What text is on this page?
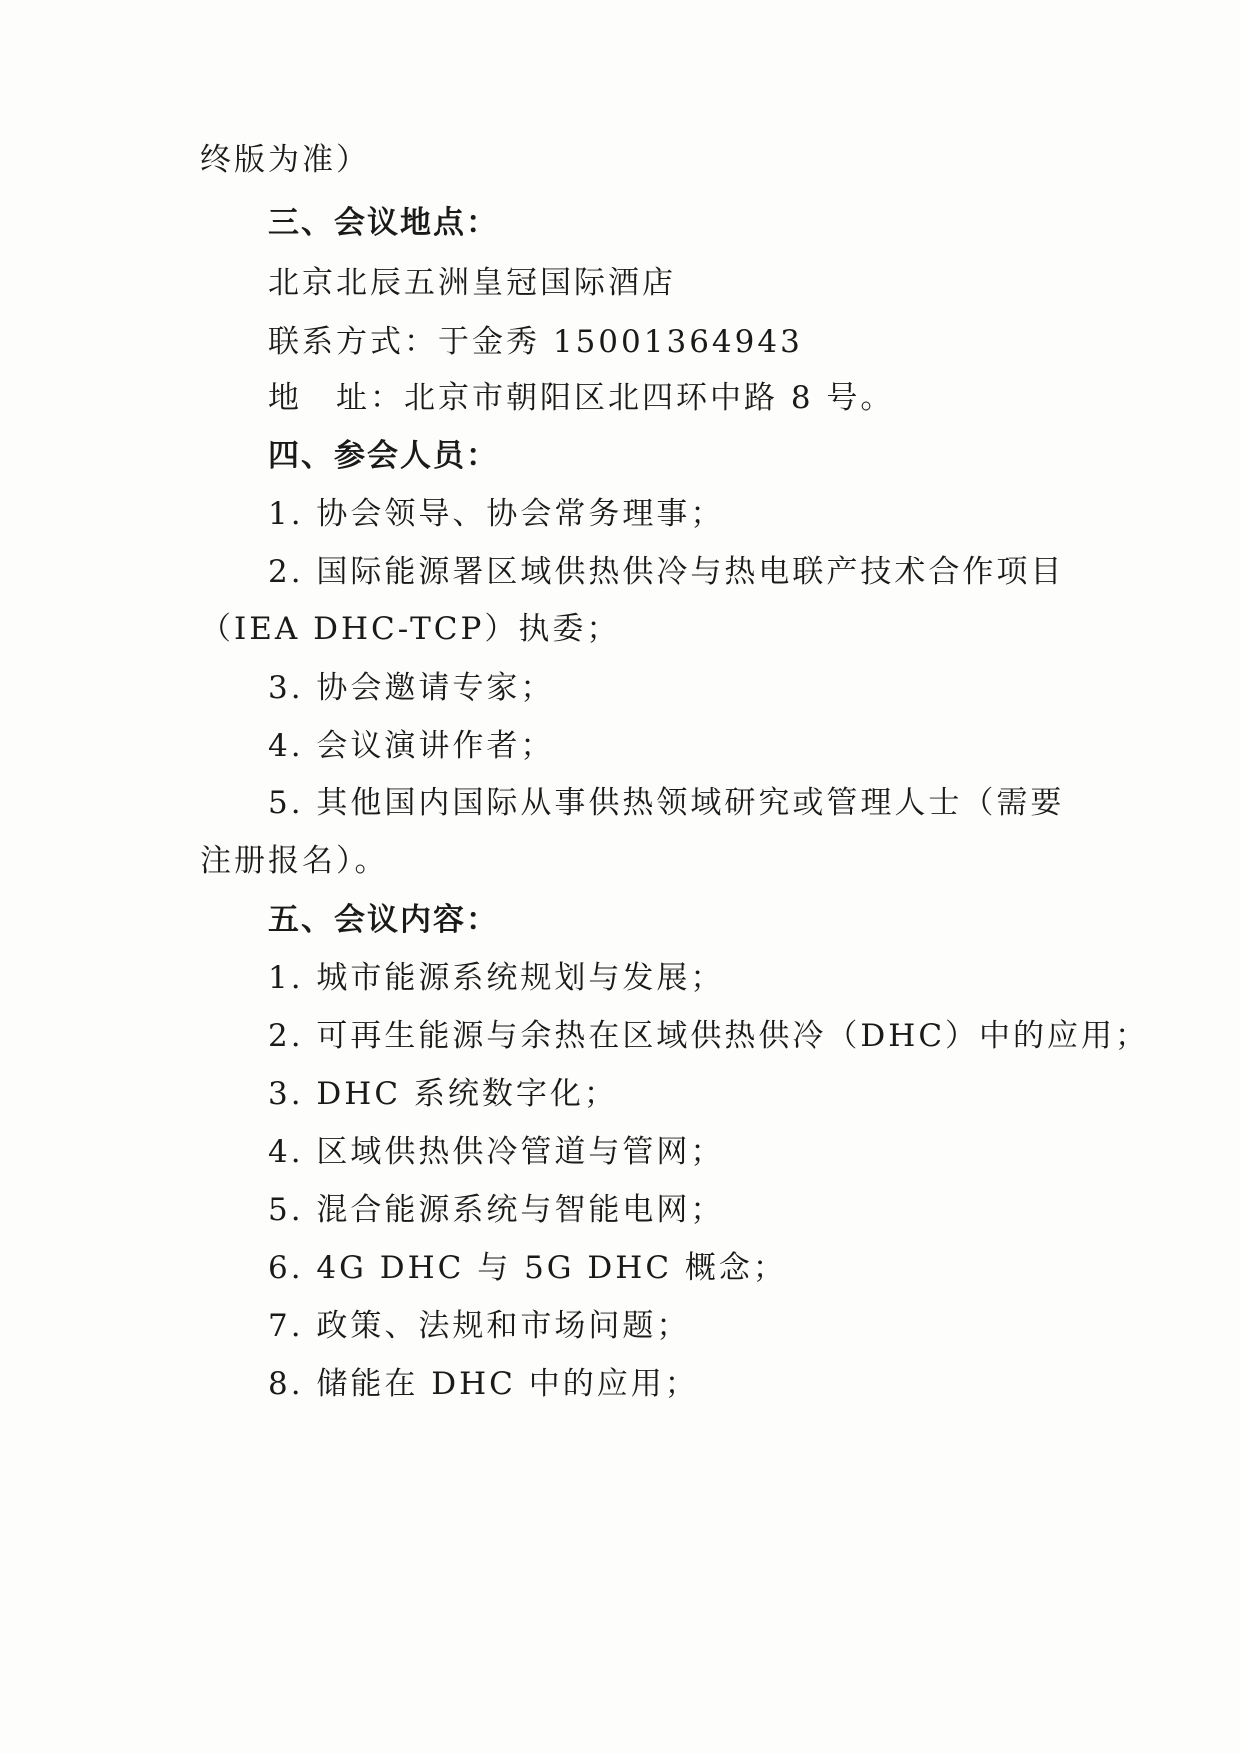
终版为准）
三、会议地点：
北京北辰五洲皇冠国际酒店
联系方式：于金秀 15001364943
地　址：北京市朝阳区北四环中路 8 号。
四、参会人员：
1. 协会领导、协会常务理事；
2. 国际能源署区域供热供冷与热电联产技术合作项目
（IEA DHC-TCP）执委；
3. 协会邀请专家；
4. 会议演讲作者；
5. 其他国内国际从事供热领域研究或管理人士（需要
注册报名）。
五、会议内容：
1. 城市能源系统规划与发展；
2. 可再生能源与余热在区域供热供冷（DHC）中的应用；
3. DHC 系统数字化；
4. 区域供热供冷管道与管网；
5. 混合能源系统与智能电网；
6. 4G DHC 与 5G DHC 概念；
7. 政策、法规和市场问题；
8. 储能在 DHC 中的应用；
